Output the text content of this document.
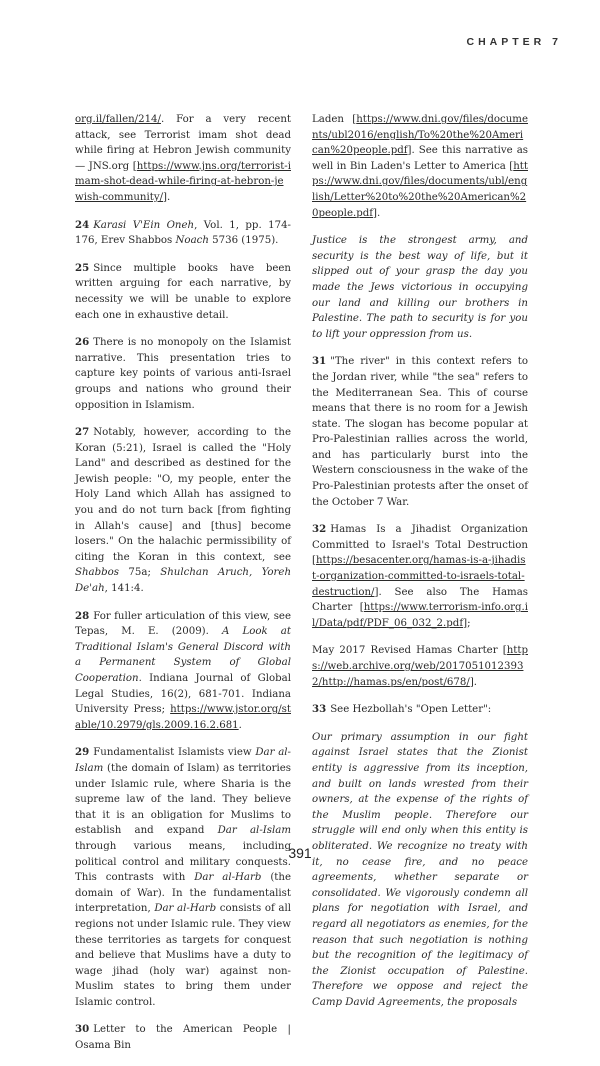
CHAPTER 7

org.il/fallen/214/. For a very recent attack, see Terrorist imam shot dead while firing at Hebron Jewish community — JNS.org [https://www.jns.org/terrorist-imam-shot-dead-while-firing-at-hebron-jewish-community/].

24 Karasi V'Ein Oneh, Vol. 1, pp. 174-176, Erev Shabbos Noach 5736 (1975).

25 Since multiple books have been written arguing for each narrative, by necessity we will be unable to explore each one in exhaustive detail.

26 There is no monopoly on the Islamist narrative. This presentation tries to capture key points of various anti-Israel groups and nations who ground their opposition in Islamism.

27 Notably, however, according to the Koran (5:21), Israel is called the "Holy Land" and described as destined for the Jewish people: "O, my people, enter the Holy Land which Allah has assigned to you and do not turn back [from fighting in Allah's cause] and [thus] become losers." On the halachic permissibility of citing the Koran in this context, see Shabbos 75a; Shulchan Aruch, Yoreh De'ah, 141:4.

28 For fuller articulation of this view, see Tepas, M. E. (2009). A Look at Traditional Islam's General Discord with a Permanent System of Global Cooperation. Indiana Journal of Global Legal Studies, 16(2), 681-701. Indiana University Press; https://www.jstor.org/stable/10.2979/gls.2009.16.2.681.

29 Fundamentalist Islamists view Dar al-Islam (the domain of Islam) as territories under Islamic rule, where Sharia is the supreme law of the land. They believe that it is an obligation for Muslims to establish and expand Dar al-Islam through various means, including political control and military conquests. This contrasts with Dar al-Harb (the domain of War). In the fundamentalist interpretation, Dar al-Harb consists of all regions not under Islamic rule. They view these territories as targets for conquest and believe that Muslims have a duty to wage jihad (holy war) against non-Muslim states to bring them under Islamic control.

30 Letter to the American People | Osama Bin

Laden [https://www.dni.gov/files/documents/ubl2016/english/To%20the%20American%20people.pdf]. See this narrative as well in Bin Laden's Letter to America [https://www.dni.gov/files/documents/ubl/english/Letter%20to%20the%20American%20people.pdf].

Justice is the strongest army, and security is the best way of life, but it slipped out of your grasp the day you made the Jews victorious in occupying our land and killing our brothers in Palestine. The path to security is for you to lift your oppression from us.

31 "The river" in this context refers to the Jordan river, while "the sea" refers to the Mediterranean Sea. This of course means that there is no room for a Jewish state. The slogan has become popular at Pro-Palestinian rallies across the world, and has particularly burst into the Western consciousness in the wake of the Pro-Palestinian protests after the onset of the October 7 War.

32 Hamas Is a Jihadist Organization Committed to Israel's Total Destruction [https://besacenter.org/hamas-is-a-jihadist-organization-committed-to-israels-total-destruction/]. See also The Hamas Charter [https://www.terrorism-info.org.il/Data/pdf/PDF_06_032_2.pdf];

May 2017 Revised Hamas Charter [https://web.archive.org/web/20170510123932/http://hamas.ps/en/post/678/].

33 See Hezbollah's "Open Letter":

Our primary assumption in our fight against Israel states that the Zionist entity is aggressive from its inception, and built on lands wrested from their owners, at the expense of the rights of the Muslim people. Therefore our struggle will end only when this entity is obliterated. We recognize no treaty with it, no cease fire, and no peace agreements, whether separate or consolidated. We vigorously condemn all plans for negotiation with Israel, and regard all negotiators as enemies, for the reason that such negotiation is nothing but the recognition of the legitimacy of the Zionist occupation of Palestine. Therefore we oppose and reject the Camp David Agreements, the proposals

391
